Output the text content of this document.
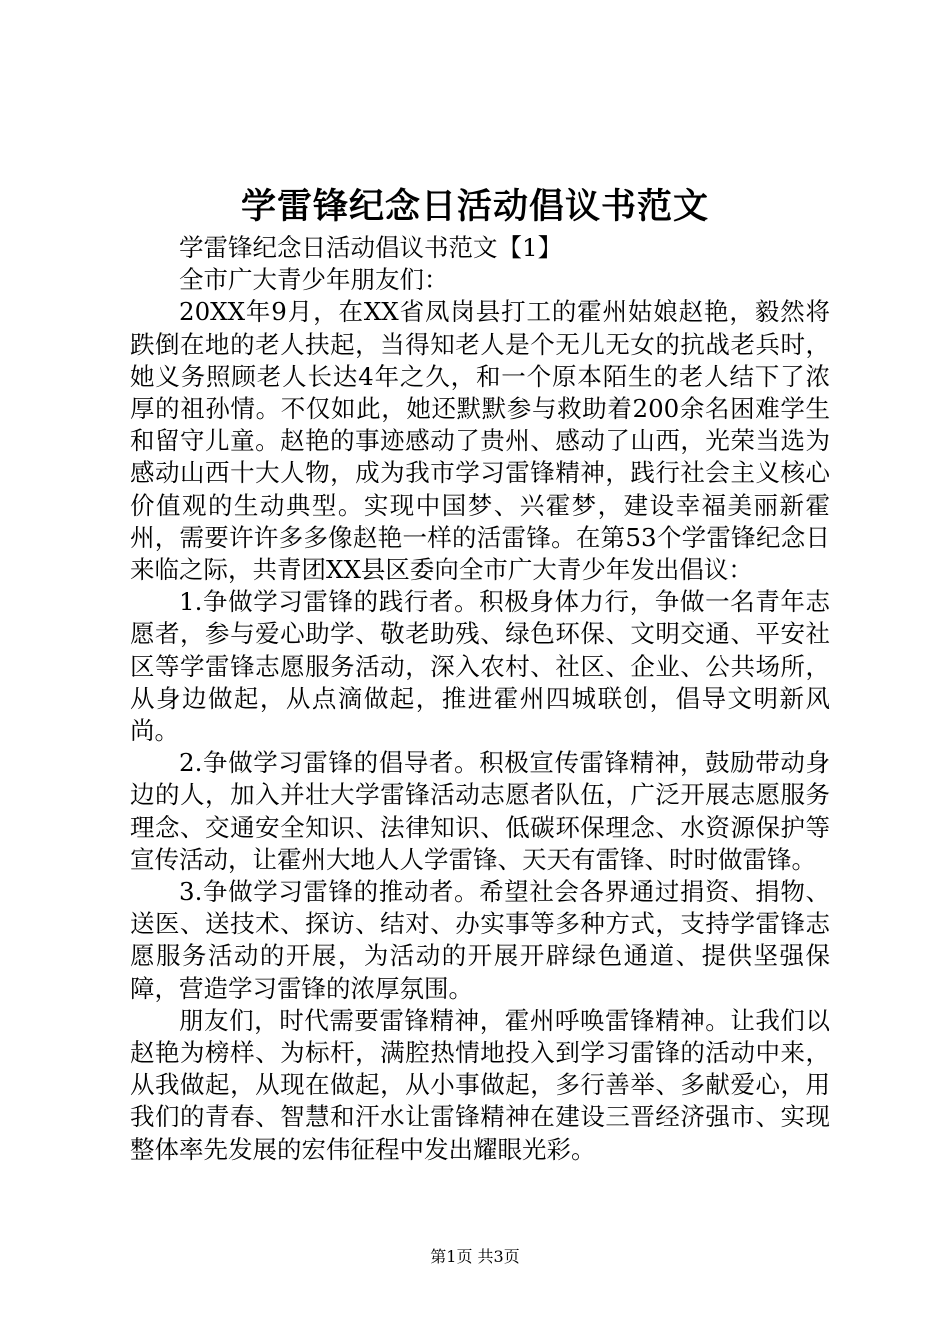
学雷锋纪念日活动倡议书范文

学雷锋纪念日活动倡议书范文【1】

全市广大青少年朋友们：

20XX年9月，在XX省凤岗县打工的霍州姑娘赵艳，毅然将跌倒在地的老人扶起，当得知老人是个无儿无女的抗战老兵时，她义务照顾老人长达4年之久，和一个原本陌生的老人结下了浓厚的祖孙情。不仅如此，她还默默参与救助着200余名困难学生和留守儿童。赵艳的事迹感动了贵州、感动了山西，光荣当选为感动山西十大人物，成为我市学习雷锋精神，践行社会主义核心价值观的生动典型。实现中国梦、兴霍梦，建设幸福美丽新霍州，需要许许多多像赵艳一样的活雷锋。在第53个学雷锋纪念日来临之际，共青团XX县区委向全市广大青少年发出倡议：

1.争做学习雷锋的践行者。积极身体力行，争做一名青年志愿者，参与爱心助学、敬老助残、绿色环保、文明交通、平安社区等学雷锋志愿服务活动，深入农村、社区、企业、公共场所，从身边做起，从点滴做起，推进霍州四城联创，倡导文明新风尚。

2.争做学习雷锋的倡导者。积极宣传雷锋精神，鼓励带动身边的人，加入并壮大学雷锋活动志愿者队伍，广泛开展志愿服务理念、交通安全知识、法律知识、低碳环保理念、水资源保护等宣传活动，让霍州大地人人学雷锋、天天有雷锋、时时做雷锋。

3.争做学习雷锋的推动者。希望社会各界通过捐资、捐物、送医、送技术、探访、结对、办实事等多种方式，支持学雷锋志愿服务活动的开展，为活动的开展开辟绿色通道、提供坚强保障，营造学习雷锋的浓厚氛围。

朋友们，时代需要雷锋精神，霍州呼唤雷锋精神。让我们以赵艳为榜样、为标杆，满腔热情地投入到学习雷锋的活动中来，从我做起，从现在做起，从小事做起，多行善举、多献爱心，用我们的青春、智慧和汗水让雷锋精神在建设三晋经济强市、实现整体率先发展的宏伟征程中发出耀眼光彩。

第1页 共3页
